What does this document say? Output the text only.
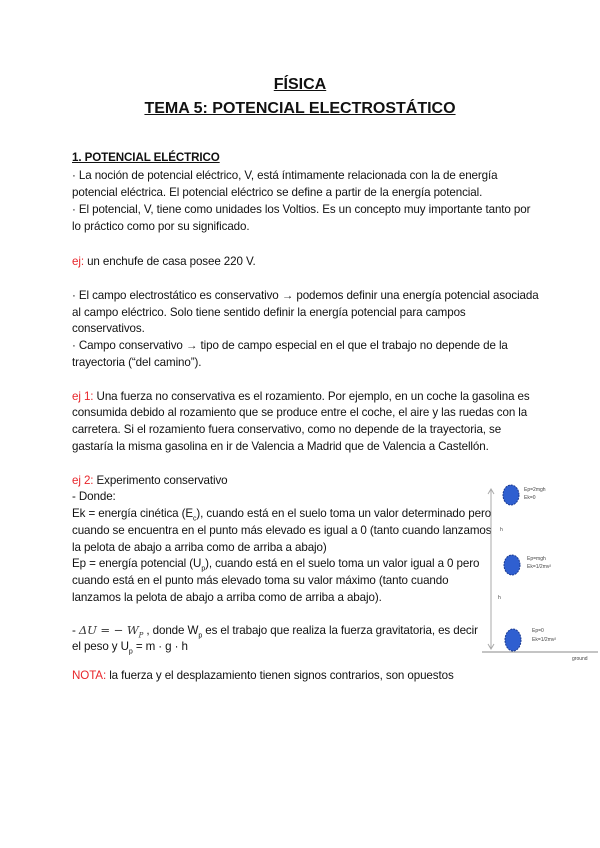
FÍSICA
TEMA 5: POTENCIAL ELECTROSTÁTICO
1. POTENCIAL ELÉCTRICO
· La noción de potencial eléctrico, V, está íntimamente relacionada con la de energía
potencial eléctrica. El potencial eléctrico se define a partir de la energía potencial.
· El potencial, V, tiene como unidades los Voltios. Es un concepto muy importante tanto por
lo práctico como por su significado.
ej: un enchufe de casa posee 220 V.
· El campo electrostático es conservativo → podemos definir una energía potencial asociada
al campo eléctrico. Solo tiene sentido definir la energía potencial para campos
conservativos.
· Campo conservativo → tipo de campo especial en el que el trabajo no depende de la
trayectoria (“del camino”).
ej 1: Una fuerza no conservativa es el rozamiento. Por ejemplo, en un coche la gasolina es
consumida debido al rozamiento que se produce entre el coche, el aire y las ruedas con la
carretera. Si el rozamiento fuera conservativo, como no depende de la trayectoria, se
gastaría la misma gasolina en ir de Valencia a Madrid que de Valencia a Castellón.
ej 2: Experimento conservativo
- Donde:
Ek = energía cinética $(E_c)$, cuando está en el suelo toma un valor determinado pero
cuando se encuentra en el punto más elevado es igual a 0 (tanto cuando lanzamos
la pelota de abajo a arriba como de arriba a abajo)
Ep = energía potencial $(U_p)$, cuando está en el suelo toma un valor igual a 0 pero
cuando está en el punto más elevado toma su valor máximo (tanto cuando
lanzamos la pelota de abajo a arriba como de arriba a abajo).
- ΔU = − $W_P$ , donde $W_p$ es el trabajo que realiza la fuerza gravitatoria, es decir
el peso y $U_p = m \cdot g \cdot h$
NOTA: la fuerza y el desplazamiento tienen signos contrarios, son opuestos
Ep=2mgh
Ek=0
Ep=mgh
Ek=1/2mv²
Ep=0
Ek=1/2mv²
h
h
ground
